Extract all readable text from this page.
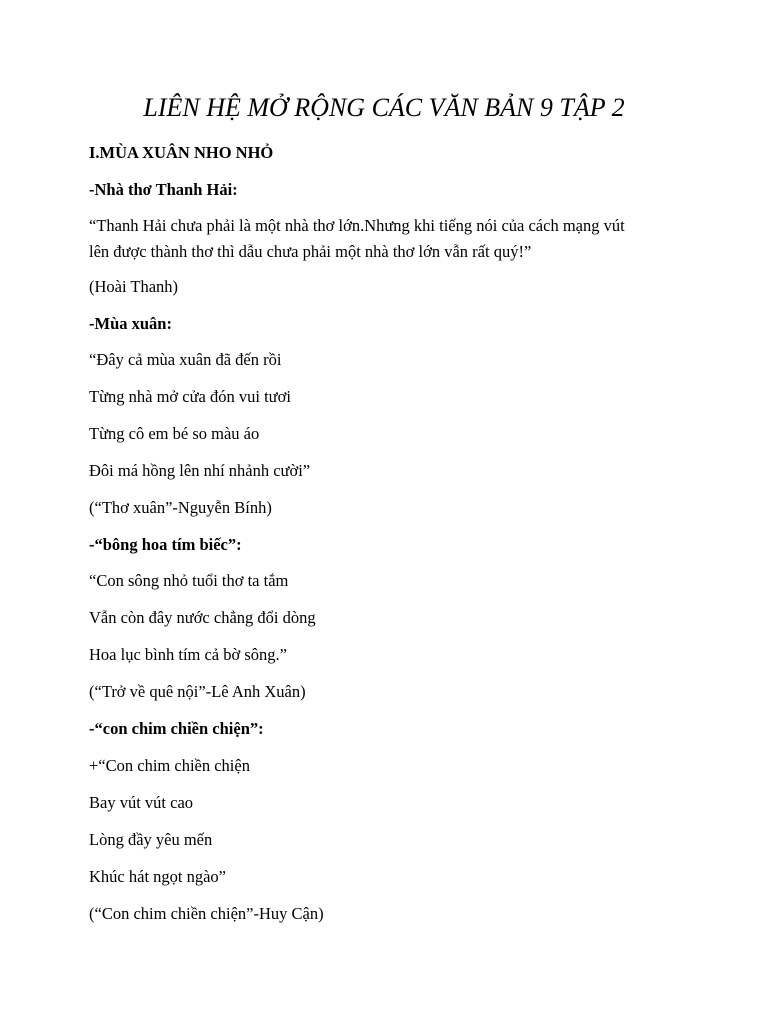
LIÊN HỆ MỞ RỘNG CÁC VĂN BẢN 9 TẬP 2
I.MÙA XUÂN NHO NHỎ
-Nhà thơ Thanh Hải:
“Thanh Hải chưa phải là một nhà thơ lớn.Nhưng khi tiếng nói của cách mạng vút
lên được thành thơ thì dẫu chưa phải một nhà thơ lớn vẫn rất quý!”
(Hoài Thanh)
-Mùa xuân:
“Đây cả mùa xuân đã đến rồi
Từng nhà mở cửa đón vui tươi
Từng cô em bé so màu áo
Đôi má hồng lên nhí nhảnh cười”
(“Thơ xuân”-Nguyễn Bính)
-“bông hoa tím biếc”:
“Con sông nhỏ tuổi thơ ta tắm
Vẫn còn đây nước chẳng đổi dòng
Hoa lục bình tím cả bờ sông.”
(“Trở về quê nội”-Lê Anh Xuân)
-“con chim chiền chiện”:
+“Con chim chiền chiện
Bay vút vút cao
Lòng đầy yêu mến
Khúc hát ngọt ngào”
(“Con chim chiền chiện”-Huy Cận)
